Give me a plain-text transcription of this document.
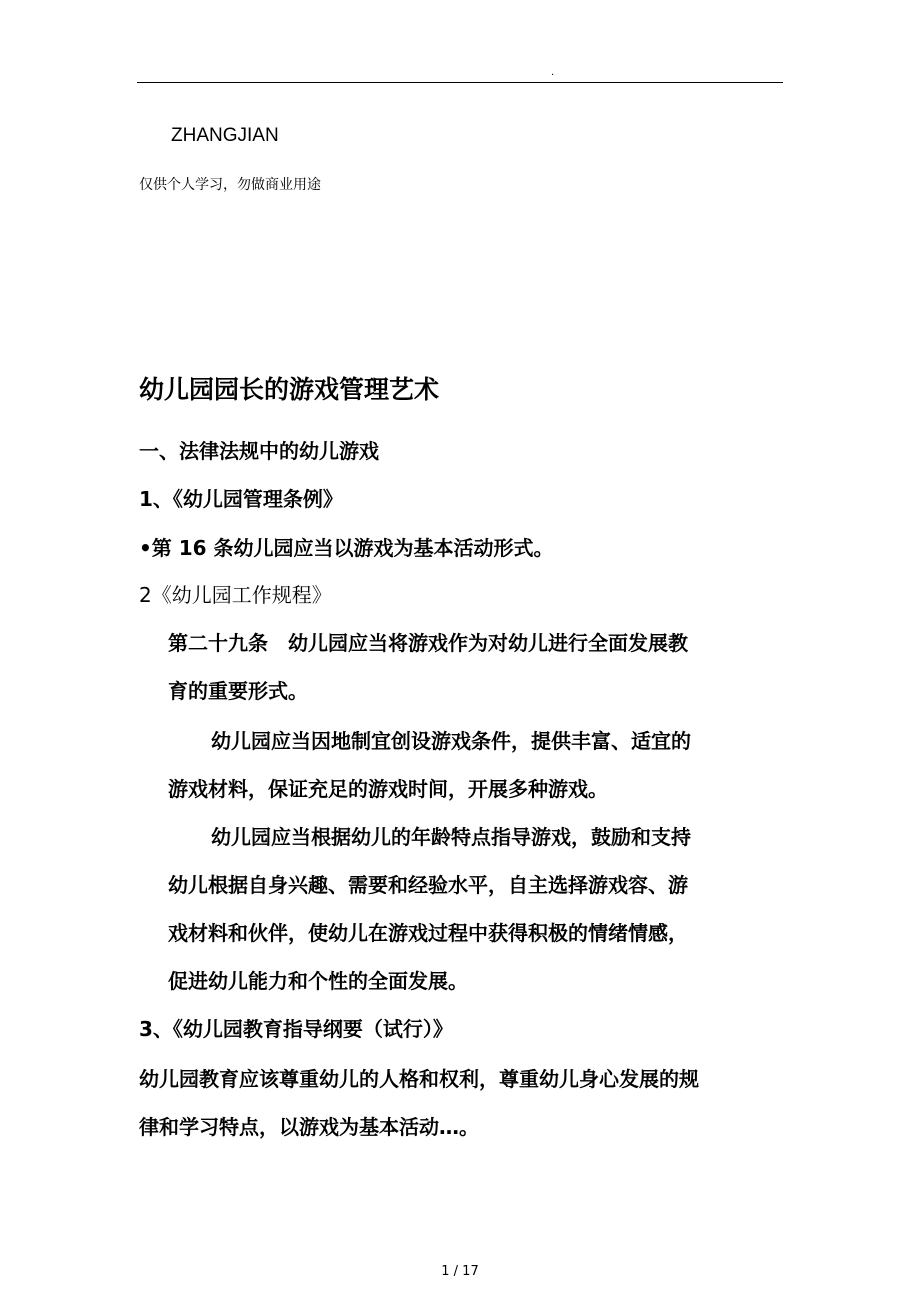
.
ZHANGJIAN
仅供个人学习，勿做商业用途
幼儿园园长的游戏管理艺术
一、法律法规中的幼儿游戏
1、《幼儿园管理条例》
•第 16 条幼儿园应当以游戏为基本活动形式。
2《幼儿园工作规程》
第二十九条　幼儿园应当将游戏作为对幼儿进行全面发展教
育的重要形式。
幼儿园应当因地制宜创设游戏条件，提供丰富、适宜的
游戏材料，保证充足的游戏时间，开展多种游戏。
幼儿园应当根据幼儿的年龄特点指导游戏，鼓励和支持
幼儿根据自身兴趣、需要和经验水平，自主选择游戏容、游
戏材料和伙伴，使幼儿在游戏过程中获得积极的情绪情感，
促进幼儿能力和个性的全面发展。
3、《幼儿园教育指导纲要（试行）》
幼儿园教育应该尊重幼儿的人格和权利，尊重幼儿身心发展的规
律和学习特点，以游戏为基本活动…。
1 / 17
